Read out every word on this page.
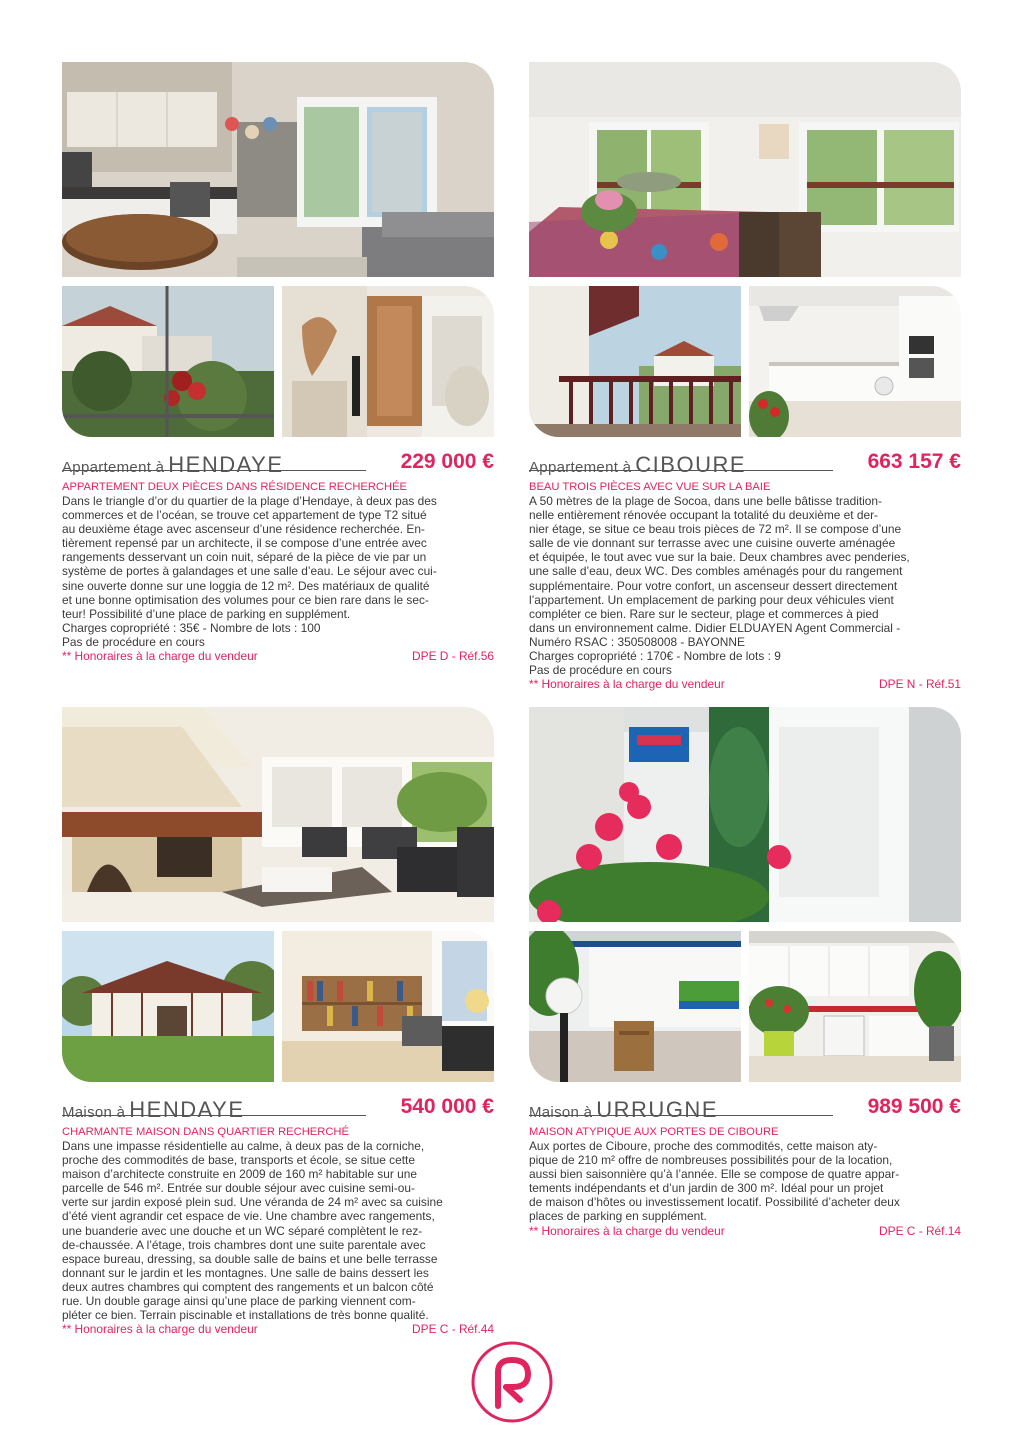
Appartement à HENDAYE	229 000 €
APPARTEMENT DEUX PIÈCES DANS RÉSIDENCE RECHERCHÉE
Dans le triangle d’or du quartier de la plage d’Hendaye, à deux pas des
commerces et de l’océan, se trouve cet appartement de type T2 situé
au deuxième étage avec ascenseur d’une résidence recherchée. En-
tièrement repensé par un architecte, il se compose d’une entrée avec
rangements desservant un coin nuit, séparé de la pièce de vie par un
système de portes à galandages et une salle d’eau. Le séjour avec cui-
sine ouverte donne sur une loggia de 12 m². Des matériaux de qualité
et une bonne optimisation des volumes pour ce bien rare dans le sec-
teur! Possibilité d’une place de parking en supplément.
Charges copropriété : 35€ - Nombre de lots : 100
Pas de procédure en cours
** Honoraires à la charge du vendeur	DPE D - Réf.56
Appartement à CIBOURE	663 157 €
BEAU TROIS PIÈCES AVEC VUE SUR LA BAIE
A 50 mètres de la plage de Socoa, dans une belle bâtisse tradition-
nelle entièrement rénovée occupant la totalité du deuxième et der-
nier étage, se situe ce beau trois pièces de 72 m². Il se compose d’une
salle de vie donnant sur terrasse avec une cuisine ouverte aménagée
et équipée, le tout avec vue sur la baie. Deux chambres avec penderies,
une salle d’eau, deux WC. Des combles aménagés pour du rangement
supplémentaire. Pour votre confort, un ascenseur dessert directement
l’appartement. Un emplacement de parking pour deux véhicules vient
compléter ce bien. Rare sur le secteur, plage et commerces à pied
dans un environnement calme. Didier ELDUAYEN Agent Commercial -
Numéro RSAC : 350508008 - BAYONNE
Charges copropriété : 170€ - Nombre de lots : 9
Pas de procédure en cours
** Honoraires à la charge du vendeur	DPE N - Réf.51
Maison à HENDAYE	540 000 €
CHARMANTE MAISON DANS QUARTIER RECHERCHÉ
Dans une impasse résidentielle au calme, à deux pas de la corniche,
proche des commodités de base, transports et école, se situe cette
maison d’architecte construite en 2009 de 160 m² habitable sur une
parcelle de 546 m². Entrée sur double séjour avec cuisine semi-ou-
verte sur jardin exposé plein sud. Une véranda de 24 m² avec sa cuisine
d’été vient agrandir cet espace de vie. Une chambre avec rangements,
une buanderie avec une douche et un WC séparé complètent le rez-
de-chaussée. A l’étage, trois chambres dont une suite parentale avec
espace bureau, dressing, sa double salle de bains et une belle terrasse
donnant sur le jardin et les montagnes. Une salle de bains dessert les
deux autres chambres qui comptent des rangements et un balcon côté
rue. Un double garage ainsi qu’une place de parking viennent com-
pléter ce bien. Terrain piscinable et installations de très bonne qualité.
** Honoraires à la charge du vendeur	DPE C - Réf.44
Maison à URRUGNE	989 500 €
MAISON ATYPIQUE AUX PORTES DE CIBOURE
Aux portes de Ciboure, proche des commodités, cette maison aty-
pique de 210 m² offre de nombreuses possibilités pour de la location,
aussi bien saisonnière qu’à l’année. Elle se compose de quatre appar-
tements indépendants et d’un jardin de 300 m². Idéal pour un projet
de maison d’hôtes ou investissement locatif. Possibilité d’acheter deux
places de parking en supplément.
** Honoraires à la charge du vendeur	DPE C - Réf.14
